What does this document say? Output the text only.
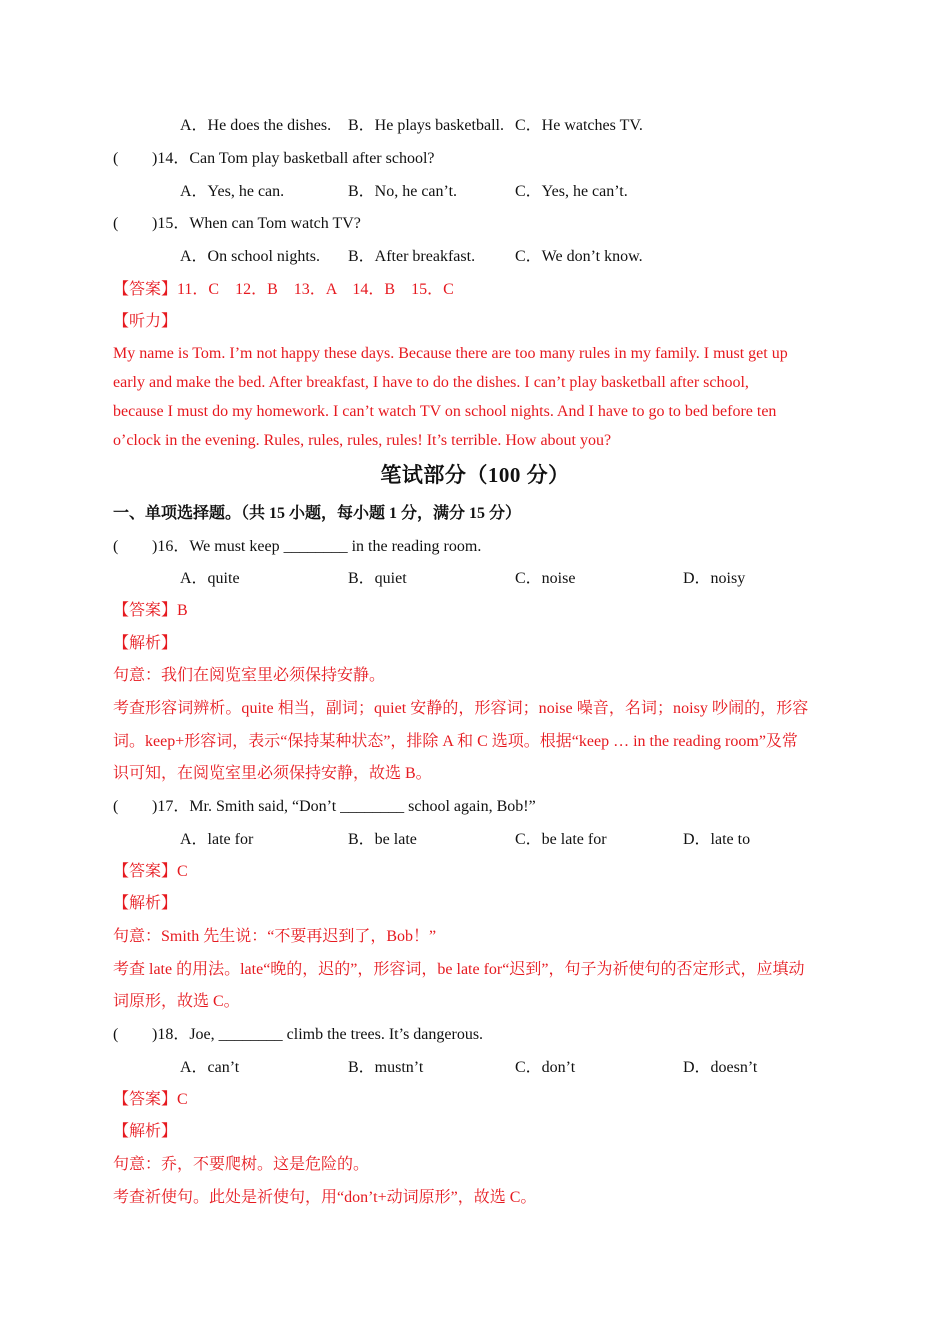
A．He does the dishes. B．He plays basketball. C．He watches TV.
( )14．Can Tom play basketball after school?
A．Yes, he can.	B．No, he can’t.	C．Yes, he can’t.
( )15．When can Tom watch TV?
A．On school nights. B．After breakfast. C．We don’t know.
【答案】11．C    12．B    13．A    14．B    15．C
【听力】
My name is Tom. I’m not happy these days. Because there are too many rules in my family. I must get up
early and make the bed. After breakfast, I have to do the dishes. I can’t play basketball after school,
because I must do my homework. I can’t watch TV on school nights. And I have to go to bed before ten
o’clock in the evening. Rules, rules, rules, rules! It’s terrible. How about you?
笔试部分（100 分）
一、单项选择题。（共 15 小题，每小题 1 分，满分 15 分）
( )16．We must keep ________ in the reading room.
A．quite	B．quiet	C．noise	D．noisy
【答案】B
【解析】
句意：我们在阅览室里必须保持安静。
考查形容词辨析。quite 相当，副词；quiet 安静的，形容词；noise 噪音，名词；noisy 吵闹的，形容
词。keep+形容词，表示“保持某种状态”，排除 A 和 C 选项。根据“keep … in the reading room”及常
识可知，在阅览室里必须保持安静，故选 B。
( )17．Mr. Smith said, “Don’t ________ school again, Bob!”
A．late for	B．be late	C．be late for	D．late to
【答案】C
【解析】
句意：Smith 先生说：“不要再迟到了，Bob！”
考查 late 的用法。late“晚的，迟的”，形容词，be late for“迟到”，句子为祈使句的否定形式，应填动
词原形，故选 C。
( )18．Joe, ________ climb the trees. It’s dangerous.
A．can’t	B．mustn’t	C．don’t	D．doesn’t
【答案】C
【解析】
句意：乔，不要爬树。这是危险的。
考查祈使句。此处是祈使句，用“don’t+动词原形”，故选 C。
